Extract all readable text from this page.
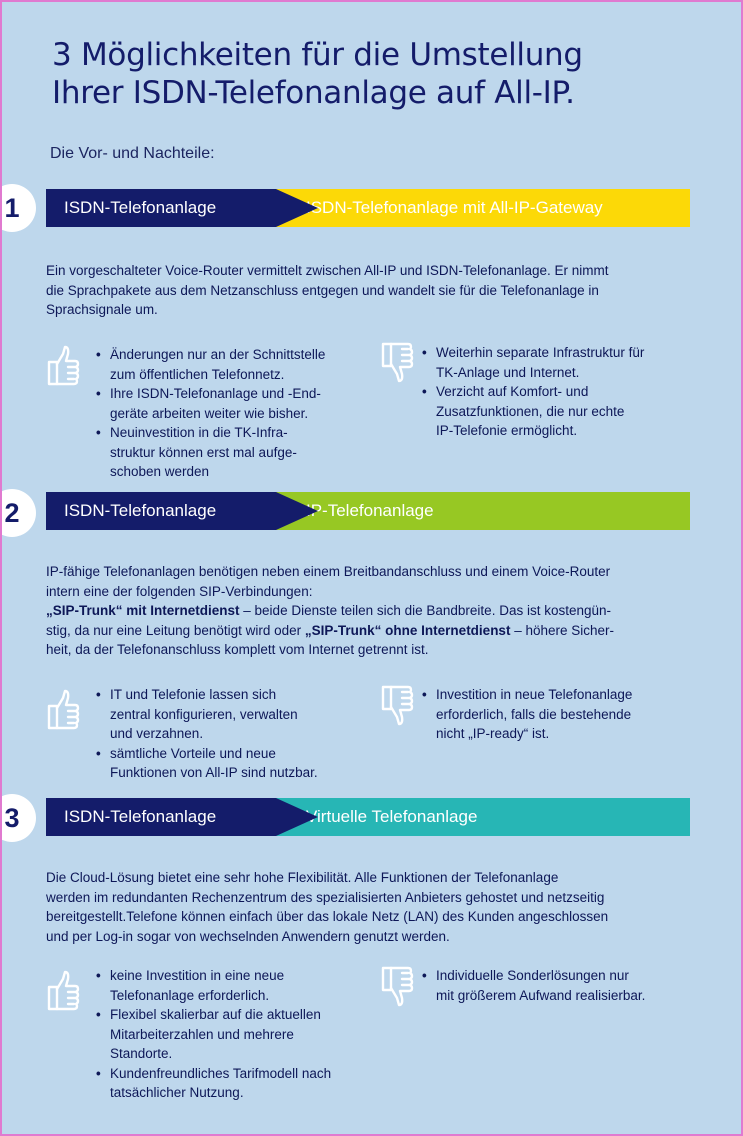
3 Möglichkeiten für die Umstellung
Ihrer ISDN-Telefonanlage auf All-IP.
Die Vor- und Nachteile:
1	ISDN-Telefonanlage	ISDN-Telefonanlage mit All-IP-Gateway
Ein vorgeschalteter Voice-Router vermittelt zwischen All-IP und ISDN-Telefonanlage. Er nimmt
die Sprachpakete aus dem Netzanschluss entgegen und wandelt sie für die Telefonanlage in
Sprachsignale um.
• Änderungen nur an der Schnittstelle
zum öffentlichen Telefonnetz.
• Ihre ISDN-Telefonanlage und -End-
geräte arbeiten weiter wie bisher.
• Neuinvestition in die TK-Infra-
struktur können erst mal aufge-
schoben werden
• Weiterhin separate Infrastruktur für
TK-Anlage und Internet.
• Verzicht auf Komfort- und
Zusatzfunktionen, die nur echte
IP-Telefonie ermöglicht.
2	ISDN-Telefonanlage	IP-Telefonanlage
IP-fähige Telefonanlagen benötigen neben einem Breitbandanschluss und einem Voice-Router
intern eine der folgenden SIP-Verbindungen:
„SIP-Trunk“ mit Internetdienst – beide Dienste teilen sich die Bandbreite. Das ist kostengün-
stig, da nur eine Leitung benötigt wird oder „SIP-Trunk“ ohne Internetdienst – höhere Sicher-
heit, da der Telefonanschluss komplett vom Internet getrennt ist.
• IT und Telefonie lassen sich
zentral konfigurieren, verwalten
und verzahnen.
• sämtliche Vorteile und neue
Funktionen von All-IP sind nutzbar.
• Investition in neue Telefonanlage
erforderlich, falls die bestehende
nicht „IP-ready“ ist.
3	ISDN-Telefonanlage	Virtuelle Telefonanlage
Die Cloud-Lösung bietet eine sehr hohe Flexibilität. Alle Funktionen der Telefonanlage
werden im redundanten Rechenzentrum des spezialisierten Anbieters gehostet und netzseitig
bereitgestellt.Telefone können einfach über das lokale Netz (LAN) des Kunden angeschlossen
und per Log-in sogar von wechselnden Anwendern genutzt werden.
• keine Investition in eine neue
Telefonanlage erforderlich.
• Flexibel skalierbar auf die aktuellen
Mitarbeiterzahlen und mehrere
Standorte.
• Kundenfreundliches Tarifmodell nach
tatsächlicher Nutzung.
• Individuelle Sonderlösungen nur
mit größerem Aufwand realisierbar.
